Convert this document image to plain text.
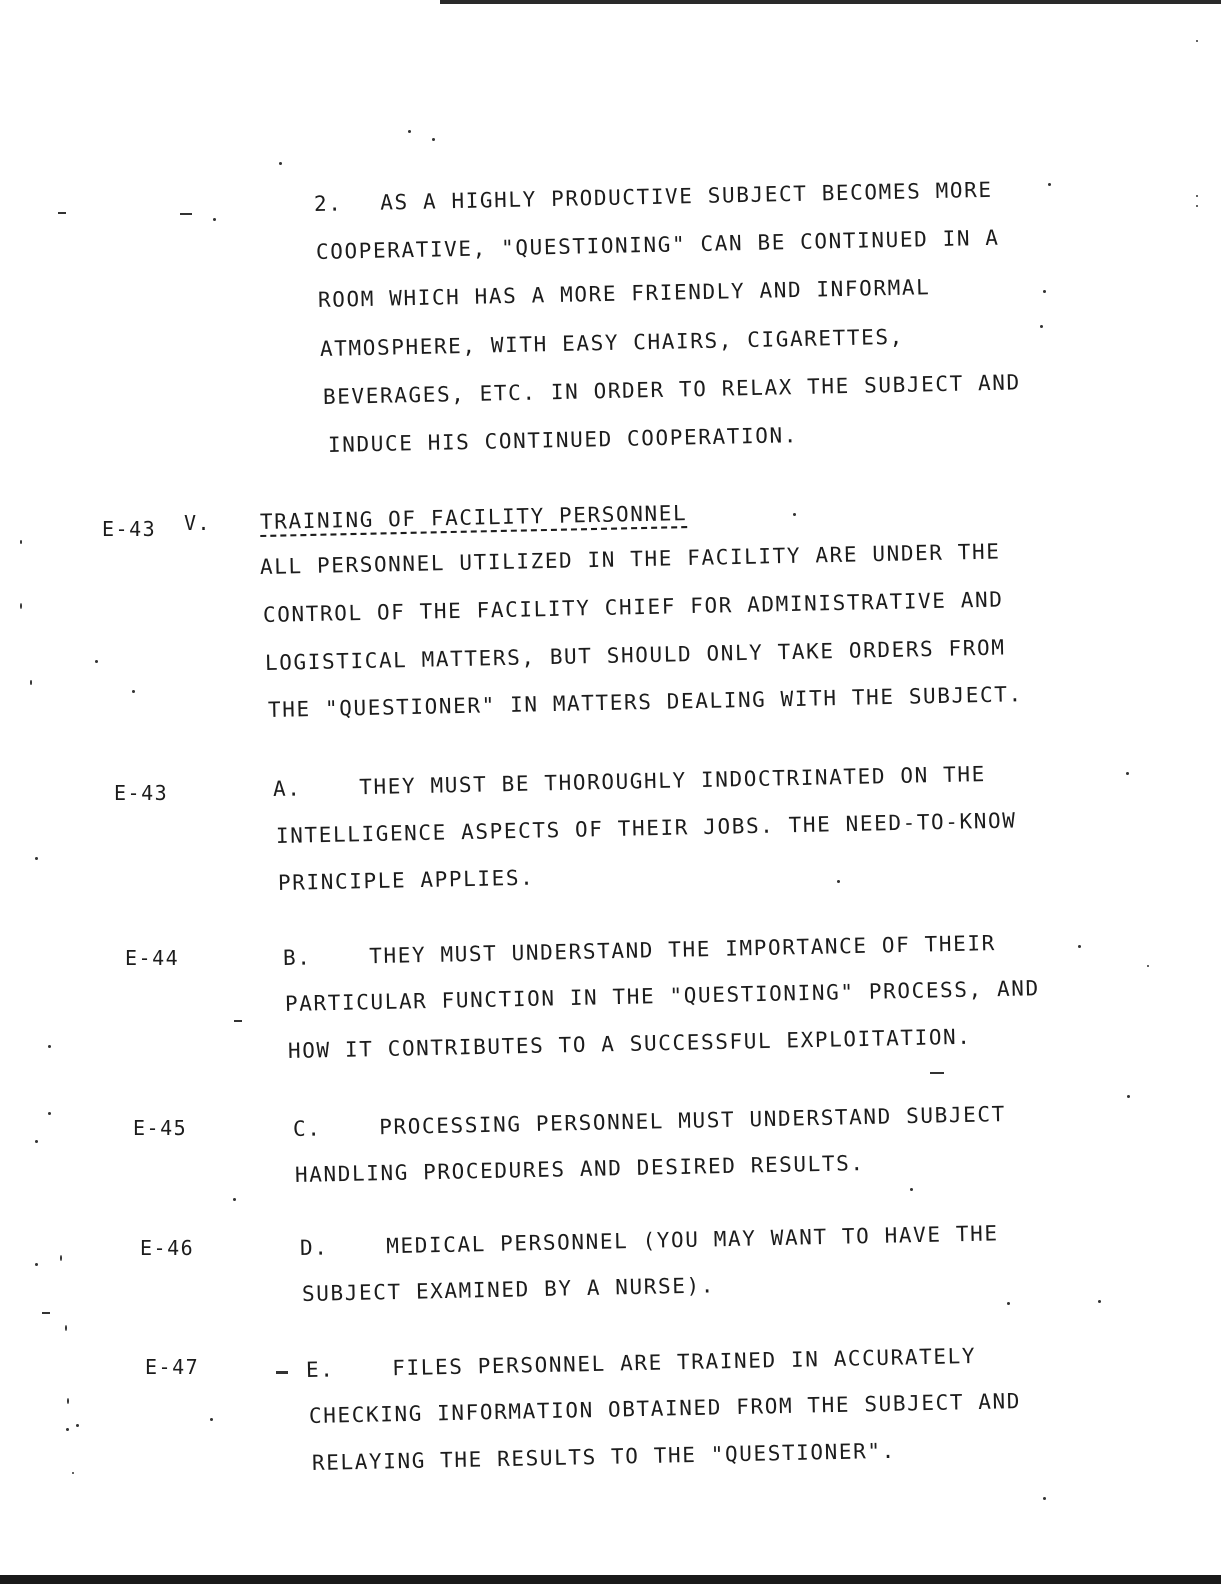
2. AS A HIGHLY PRODUCTIVE SUBJECT BECOMES MORE
COOPERATIVE, "QUESTIONING" CAN BE CONTINUED IN A
ROOM WHICH HAS A MORE FRIENDLY AND INFORMAL
ATMOSPHERE, WITH EASY CHAIRS, CIGARETTES,
BEVERAGES, ETC. IN ORDER TO RELAX THE SUBJECT AND
INDUCE HIS CONTINUED COOPERATION.
E-43 V. TRAINING OF FACILITY PERSONNEL
ALL PERSONNEL UTILIZED IN THE FACILITY ARE UNDER THE
CONTROL OF THE FACILITY CHIEF FOR ADMINISTRATIVE AND
LOGISTICAL MATTERS, BUT SHOULD ONLY TAKE ORDERS FROM
THE "QUESTIONER" IN MATTERS DEALING WITH THE SUBJECT.
E-43	A.	THEY MUST BE THOROUGHLY INDOCTRINATED ON THE
INTELLIGENCE ASPECTS OF THEIR JOBS. THE NEED-TO-KNOW
PRINCIPLE APPLIES.
E-44	B.	THEY MUST UNDERSTAND THE IMPORTANCE OF THEIR
PARTICULAR FUNCTION IN THE "QUESTIONING" PROCESS, AND
HOW IT CONTRIBUTES TO A SUCCESSFUL EXPLOITATION.
E-45	C.	PROCESSING PERSONNEL MUST UNDERSTAND SUBJECT
HANDLING PROCEDURES AND DESIRED RESULTS.
E-46	D.	MEDICAL PERSONNEL (YOU MAY WANT TO HAVE THE
SUBJECT EXAMINED BY A NURSE).
E-47	E.	FILES PERSONNEL ARE TRAINED IN ACCURATELY
CHECKING INFORMATION OBTAINED FROM THE SUBJECT AND
RELAYING THE RESULTS TO THE "QUESTIONER".
